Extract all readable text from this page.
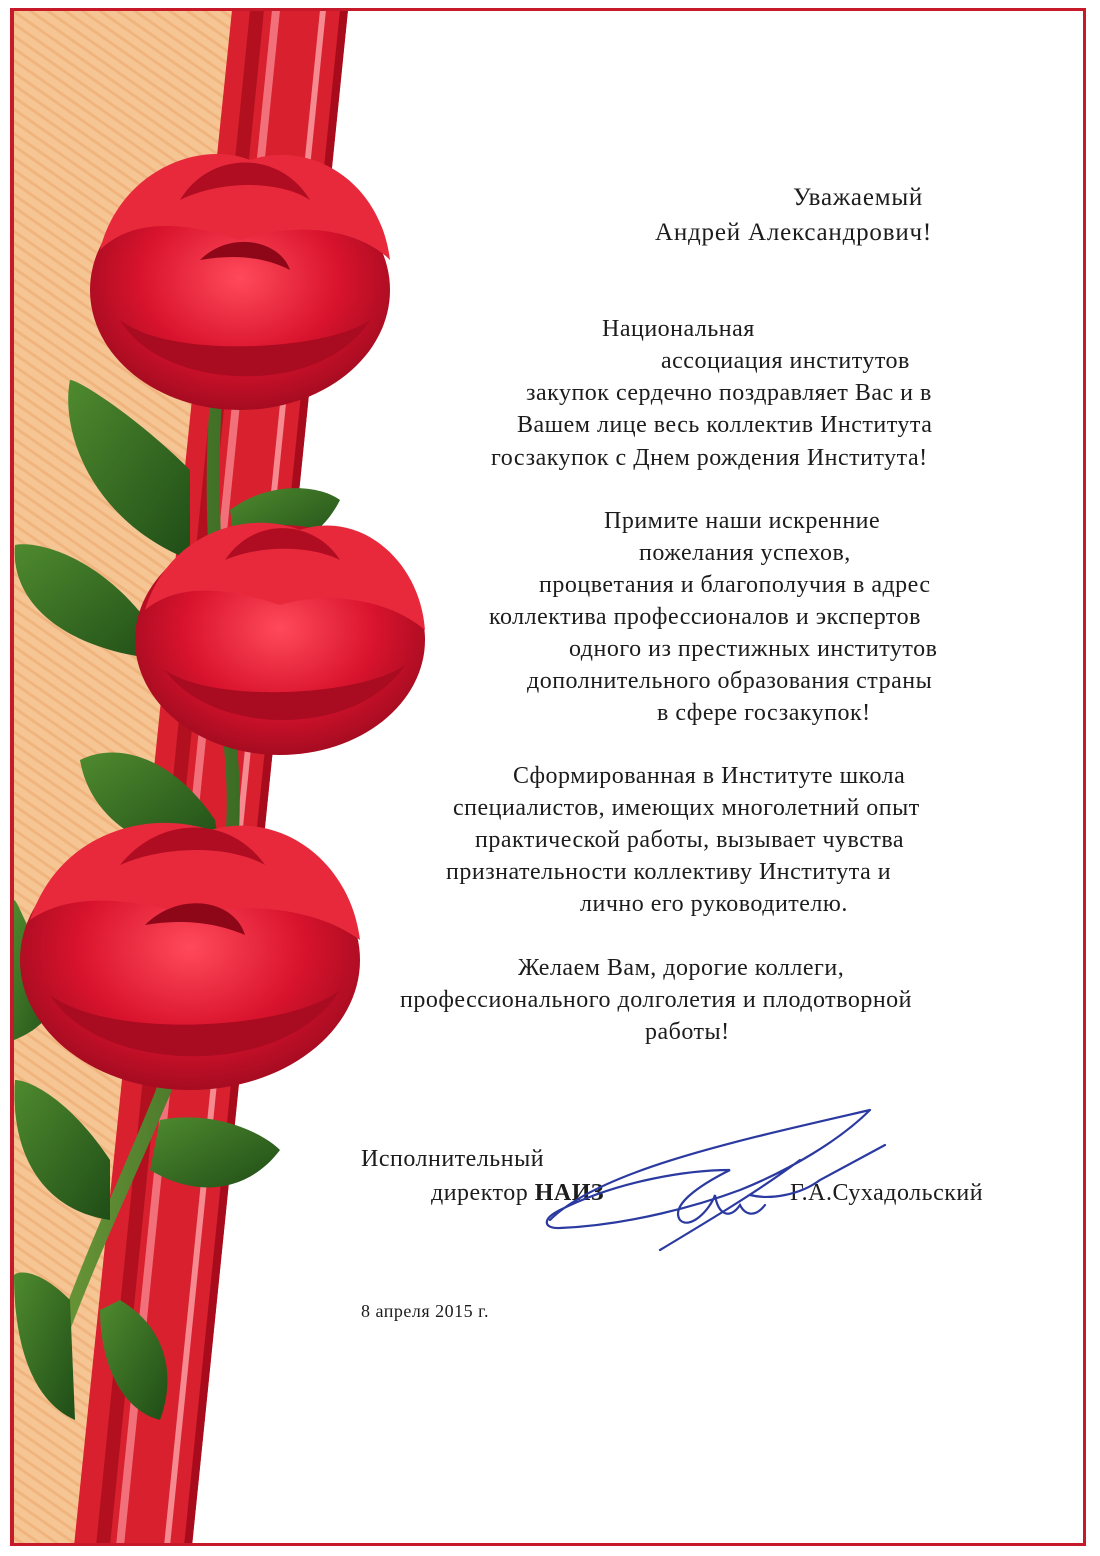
Уважаемый

Андрей Александрович!

Национальная

ассоциация институтов

закупок сердечно поздравляет Вас и в

Вашем лице весь коллектив Института

госзакупок с Днем рождения Института!

Примите наши искренние

пожелания успехов,

процветания и благополучия в адрес

коллектива профессионалов и экспертов

одного из престижных институтов

дополнительного образования страны

в сфере госзакупок!

Сформированная в Институте школа

специалистов, имеющих многолетний опыт

практической работы, вызывает чувства

признательности коллективу Института и

лично его руководителю.

Желаем Вам, дорогие коллеги,

профессионального долголетия и плодотворной

работы!

Исполнительный

директор НАИЗ	Г.А.Сухадольский

8 апреля 2015 г.
